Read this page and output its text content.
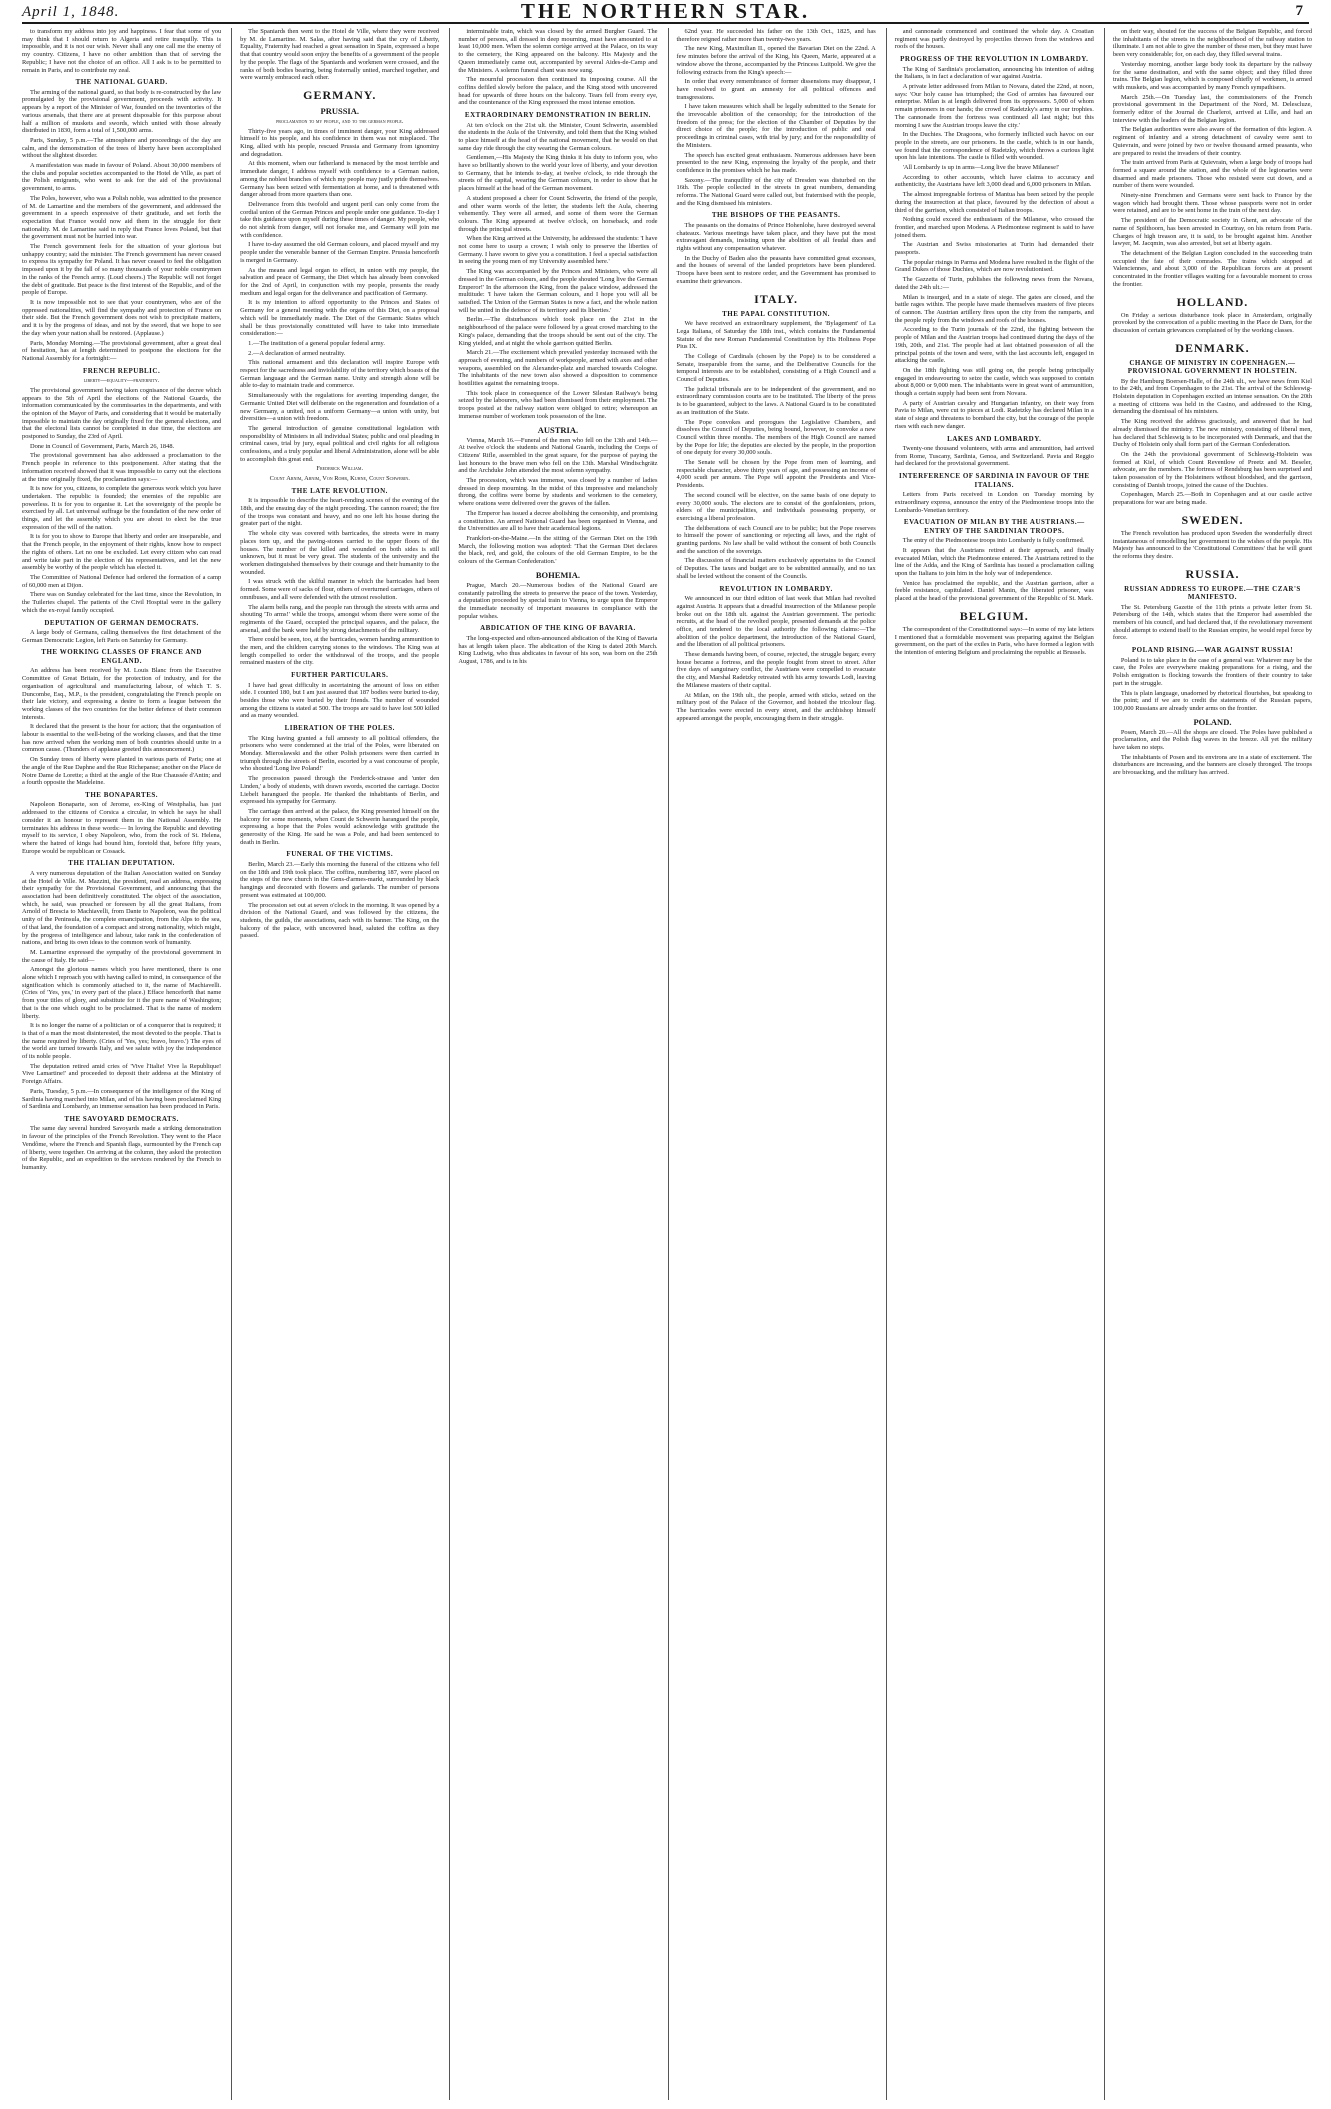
April 1, 1848.	THE NORTHERN STAR.	7

to transform my address into joy and happiness. I fear that some of you may think that I should return to Algeria and retire tranquilly. This is impossible, and it is not our wish. Never shall any one call me the enemy of my country. Citizens, I have no other ambition than that of serving the Republic; I have not the choice of an office. All I ask is to be permitted to remain in Paris, and to contribute my zeal.

THE NATIONAL GUARD.

The arming of the national guard, so that body is re-constructed by the law promulgated by the provisional government, proceeds with activity. It appears by a report of the Minister of War, founded on the inventories of the various arsenals, that there are at present disposable for this purpose about half a million of muskets and swords, which united with those already distributed in 1830, form a total of 1,500,000 arms.

Paris, Sunday, 5 p.m.—The atmosphere and proceedings of the day are calm, and the demonstration of the trees of liberty have been accomplished without the slightest disorder.

A manifestation was made in favour of Poland. About 30,000 members of the clubs and popular societies accompanied to the Hotel de Ville, as part of the Polish emigrants, who went to ask for the aid of the provisional government, to arms.

The Poles, however, who was a Polish noble, was admitted to the presence of M. de Lamartine and the members of the government, and addressed the government in a speech expressive of their gratitude, and set forth the expectation that France would now aid them in the struggle for their nationality. M. de Lamartine said in reply that France loves Poland, but that the government must not be hurried into war.

The French government feels for the situation of your glorious but unhappy country; said the minister. The French government has never ceased to express its sympathy for Poland. It has never ceased to feel the obligation imposed upon it by the fall of so many thousands of your noble countrymen in the ranks of the French army. (Loud cheers.) The Republic will not forget the debt of gratitude. But peace is the first interest of the Republic, and of the people of Europe.

It is now impossible not to see that your countrymen, who are of the oppressed nationalities, will find the sympathy and protection of France on their side. But the French government does not wish to precipitate matters, and it is by the progress of ideas, and not by the sword, that we hope to see the day when your nation shall be restored. (Applause.)

Paris, Monday Morning.—The provisional government, after a great deal of hesitation, has at length determined to postpone the elections for the National Assembly for a fortnight:—

FRENCH REPUBLIC.

liberty—equality—fraternity.

The provisional government having taken cognisance of the decree which appears to the 5th of April the elections of the National Guards, the information communicated by the commissaries in the departments, and with the opinion of the Mayor of Paris, and considering that it would be materially impossible to maintain the day originally fixed for the general elections, and that the electoral lists cannot be completed in due time, the elections are postponed to Sunday, the 23rd of April.

Done in Council of Government, Paris, March 26, 1848.

The provisional government has also addressed a proclamation to the French people in reference to this postponement. After stating that the information received showed that it was impossible to carry out the elections at the time originally fixed, the proclamation says:—

It is now for you, citizens, to complete the generous work which you have undertaken. The republic is founded; the enemies of the republic are powerless. It is for you to organise it. Let the sovereignty of the people be exercised by all. Let universal suffrage be the foundation of the new order of things, and let the assembly which you are about to elect be the true expression of the will of the nation.

It is for you to show to Europe that liberty and order are inseparable, and that the French people, in the enjoyment of their rights, know how to respect the rights of others. Let no one be excluded. Let every citizen who can read and write take part in the election of his representatives, and let the new assembly be worthy of the people which has elected it.

The Committee of National Defence had ordered the formation of a camp of 60,000 men at Dijon.

There was on Sunday celebrated for the last time, since the Revolution, in the Tuileries chapel. The patients of the Civil Hospital were in the gallery which the ex-royal family occupied.

DEPUTATION OF GERMAN DEMOCRATS.

A large body of Germans, calling themselves the first detachment of the German Democratic Legion, left Paris on Saturday for Germany.

THE WORKING CLASSES OF FRANCE AND ENGLAND.

An address has been received by M. Louis Blanc from the Executive Committee of Great Britain, for the protection of industry, and for the organisation of agricultural and manufacturing labour, of which T. S. Duncombe, Esq., M.P., is the president, congratulating the French people on their late victory, and expressing a desire to form a league between the working classes of the two countries for the better defence of their common interests.

It declared that the present is the hour for action; that the organisation of labour is essential to the well-being of the working classes, and that the time has now arrived when the working men of both countries should unite in a common cause. (Thunders of applause greeted this announcement.)

On Sunday trees of liberty were planted in various parts of Paris; one at the angle of the Rue Daphne and the Rue Richepanse; another on the Place de Notre Dame de Lorette; a third at the angle of the Rue Chaussée d'Antin; and a fourth opposite the Madeleine.

THE BONAPARTES.

Napoleon Bonaparte, son of Jerome, ex-King of Westphalia, has just addressed to the citizens of Corsica a circular, in which he says he shall consider it an honour to represent them in the National Assembly. He terminates his address in these words:— In loving the Republic and devoting myself to its service, I obey Napoleon, who, from the rock of St. Helena, where the hatred of kings had bound him, foretold that, before fifty years, Europe would be republican or Cossack.

THE ITALIAN DEPUTATION.

A very numerous deputation of the Italian Association waited on Sunday at the Hotel de Ville. M. Mazzini, the president, read an address, expressing their sympathy for the Provisional Government, and announcing that the association had been definitively constituted. The object of the association, which, he said, was preached or foreseen by all the great Italians, from Arnold of Brescia to Machiavelli, from Dante to Napoleon, was the political unity of the Peninsula, the complete emancipation, from the Alps to the sea, of that land, the foundation of a compact and strong nationality, which might, by the progress of intelligence and labour, take rank in the confederation of nations, and bring its own ideas to the common work of humanity.

M. Lamartine expressed the sympathy of the provisional government in the cause of Italy. He said—

Amongst the glorious names which you have mentioned, there is one alone which I reproach you with having called to mind, in consequence of the signification which is commonly attached to it, the name of Machiavelli. (Cries of 'Yes, yes,' in every part of the place.) Efface henceforth that name from your titles of glory, and substitute for it the pure name of Washington; that is the one which ought to be proclaimed. That is the name of modern liberty.

It is no longer the name of a politician or of a conqueror that is required; it is that of a man the most disinterested, the most devoted to the people. That is the name required by liberty. (Cries of 'Yes, yes; bravo, bravo.') The eyes of the world are turned towards Italy, and we salute with joy the independence of its noble people.

The deputation retired amid cries of 'Vive l'Italie! Vive la Republique! Vive Lamartine!' and proceeded to deposit their address at the Ministry of Foreign Affairs.

Paris, Tuesday, 5 p.m.—In consequence of the intelligence of the King of Sardinia having marched into Milan, and of his having been proclaimed King of Sardinia and Lombardy, an immense sensation has been produced in Paris.

THE SAVOYARD DEMOCRATS.

The same day several hundred Savoyards made a striking demonstration in favour of the principles of the French Revolution. They went to the Place Vendôme, where the French and Spanish flags, surmounted by the French cap of liberty, were together. On arriving at the column, they asked the protection of the Republic, and an expedition to the services rendered by the French to humanity.

The Spaniards then went to the Hotel de Ville, where they were received by M. de Lamartine. M. Salas, after having said that the cry of Liberty, Equality, Fraternity had reached a great sensation in Spain, expressed a hope that that country would soon enjoy the benefits of a government of the people by the people. The flags of the Spaniards and workmen were crossed, and the ranks of both bodies bearing, being fraternally united, marched together, and were warmly embraced each other.

GERMANY.
PRUSSIA.

proclamation to my people, and to the german people.

Thirty-five years ago, in times of imminent danger, your King addressed himself to his people, and his confidence in them was not misplaced. The King, allied with his people, rescued Prussia and Germany from ignominy and degradation.

At this moment, when our fatherland is menaced by the most terrible and immediate danger, I address myself with confidence to a German nation, among the noblest branches of which my people may justly pride themselves. Germany has been seized with fermentation at home, and is threatened with danger abroad from more quarters than one.

Deliverance from this twofold and urgent peril can only come from the cordial union of the German Princes and people under one guidance. To-day I take this guidance upon myself during these times of danger. My people, who do not shrink from danger, will not forsake me, and Germany will join me with confidence.

I have to-day assumed the old German colours, and placed myself and my people under the venerable banner of the German Empire. Prussia henceforth is merged in Germany.

As the means and legal organ to effect, in union with my people, the salvation and peace of Germany, the Diet which has already been convoked for the 2nd of April, in conjunction with my people, presents the ready medium and legal organ for the deliverance and pacification of Germany.

It is my intention to afford opportunity to the Princes and States of Germany for a general meeting with the organs of this Diet, on a proposal which will be immediately made. The Diet of the Germanic States which shall be thus provisionally constituted will have to take into immediate consideration:—

1.—The institution of a general popular federal army.

2.—A declaration of armed neutrality.

This national armament and this declaration will inspire Europe with respect for the sacredness and inviolability of the territory which boasts of the German language and the German name. Unity and strength alone will be able to-day to maintain trade and commerce.

Simultaneously with the regulations for averting impending danger, the Germanic United Diet will deliberate on the regeneration and foundation of a new Germany, a united, not a uniform Germany—a union with unity, but diversities—a union with freedom.

The general introduction of genuine constitutional legislation with responsibility of Ministers in all individual States; public and oral pleading in criminal cases, trial by jury, equal political and civil rights for all religious confessions, and a truly popular and liberal Administration, alone will be able to accomplish this great end.

Frederick William.

Count Arnim, Arnim, Von Rohr, Kuhne, Count Schwerin.

THE LATE REVOLUTION.

It is impossible to describe the heart-rending scenes of the evening of the 18th, and the ensuing day of the night preceding. The cannon roared; the fire of the troops was constant and heavy, and no one left his house during the greater part of the night.

The whole city was covered with barricades, the streets were in many places torn up, and the paving-stones carried to the upper floors of the houses. The number of the killed and wounded on both sides is still unknown, but it must be very great. The students of the university and the workmen distinguished themselves by their courage and their humanity to the wounded.

I was struck with the skilful manner in which the barricades had been formed. Some were of sacks of flour, others of overturned carriages, others of omnibuses, and all were defended with the utmost resolution.

The alarm bells rang, and the people ran through the streets with arms and shouting 'To arms!' while the troops, amongst whom there were some of the regiments of the Guard, occupied the principal squares, and the palace, the arsenal, and the bank were held by strong detachments of the military.

There could be seen, too, at the barricades, women handing ammunition to the men, and the children carrying stones to the windows. The King was at length compelled to order the withdrawal of the troops, and the people remained masters of the city.

FURTHER PARTICULARS.

I have had great difficulty in ascertaining the amount of loss on either side. I counted 180, but I am just assured that 187 bodies were buried to-day, besides those who were buried by their friends. The number of wounded among the citizens is stated at 500. The troops are said to have lost 500 killed and as many wounded.

LIBERATION OF THE POLES.

The King having granted a full amnesty to all political offenders, the prisoners who were condemned at the trial of the Poles, were liberated on Monday. Mieroslawski and the other Polish prisoners were then carried in triumph through the streets of Berlin, escorted by a vast concourse of people, who shouted 'Long live Poland!'

The procession passed through the Frederick-strasse and 'unter den Linden,' a body of students, with drawn swords, escorted the carriage. Doctor Liebelt harangued the people. He thanked the inhabitants of Berlin, and expressed his sympathy for Germany.

The carriage then arrived at the palace, the King presented himself on the balcony for some moments, when Count de Schwerin harangued the people, expressing a hope that the Poles would acknowledge with gratitude the generosity of the King. He said he was a Pole, and had been sentenced to death in Berlin.

FUNERAL OF THE VICTIMS.

Berlin, March 23.—Early this morning the funeral of the citizens who fell on the 18th and 19th took place. The coffins, numbering 187, were placed on the steps of the new church in the Gens-d'armes-markt, surrounded by black hangings and decorated with flowers and garlands. The number of persons present was estimated at 100,000.

The procession set out at seven o'clock in the morning. It was opened by a division of the National Guard, and was followed by the citizens, the students, the guilds, the associations, each with its banner. The King, on the balcony of the palace, with uncovered head, saluted the coffins as they passed.

interminable train, which was closed by the armed Burgher Guard. The number of persons, all dressed in deep mourning, must have amounted to at least 10,000 men. When the solemn cortège arrived at the Palace, on its way to the cemetery, the King appeared on the balcony. His Majesty and the Queen immediately came out, accompanied by several Aides-de-Camp and the Ministers. A solemn funeral chant was now sung.

The mournful procession then continued its imposing course. All the coffins defiled slowly before the palace, and the King stood with uncovered head for upwards of three hours on the balcony. Tears fell from every eye, and the countenance of the King expressed the most intense emotion.

EXTRAORDINARY DEMONSTRATION IN BERLIN.

At ten o'clock on the 21st ult. the Minister, Count Schwerin, assembled the students in the Aula of the University, and told them that the King wished to place himself at the head of the national movement, that he would on that same day ride through the city wearing the German colours.

Gentlemen,—His Majesty the King thinks it his duty to inform you, who have so brilliantly shown to the world your love of liberty, and your devotion to Germany, that he intends to-day, at twelve o'clock, to ride through the streets of the capital, wearing the German colours, in order to show that he places himself at the head of the German movement.

A student proposed a cheer for Count Schwerin, the friend of the people, and other warm words of the letter, the students left the Aula, cheering vehemently. They were all armed, and some of them wore the German colours. The King appeared at twelve o'clock, on horseback, and rode through the principal streets.

When the King arrived at the University, he addressed the students: 'I have not come here to usurp a crown; I wish only to preserve the liberties of Germany. I have sworn to give you a constitution. I feel a special satisfaction in seeing the young men of my University assembled here.'

The King was accompanied by the Princes and Ministers, who were all dressed in the German colours, and the people shouted 'Long live the German Emperor!' In the afternoon the King, from the palace window, addressed the multitude: 'I have taken the German colours, and I hope you will all be satisfied. The Union of the German States is now a fact, and the whole nation will be united in the defence of its territory and its liberties.'

Berlin.—The disturbances which took place on the 21st in the neighbourhood of the palace were followed by a great crowd marching to the King's palace, demanding that the troops should be sent out of the city. The King yielded, and at night the whole garrison quitted Berlin.

March 21.—The excitement which prevailed yesterday increased with the approach of evening, and numbers of workpeople, armed with axes and other weapons, assembled on the Alexander-platz and marched towards Cologne. The inhabitants of the new town also showed a disposition to commence hostilities against the remaining troops.

This took place in consequence of the Lower Silesian Railway's being seized by the labourers, who had been dismissed from their employment. The troops posted at the railway station were obliged to retire; whereupon an immense number of workmen took possession of the line.

AUSTRIA.

Vienna, March 16.—Funeral of the men who fell on the 13th and 14th.—At twelve o'clock the students and National Guards, including the Corps of Citizens' Rifle, assembled in the great square, for the purpose of paying the last honours to the brave men who fell on the 13th. Marshal Windischgrätz and the Archduke John attended the most solemn sympathy.

The procession, which was immense, was closed by a number of ladies dressed in deep mourning. In the midst of this impressive and melancholy throng, the coffins were borne by students and workmen to the cemetery, where orations were delivered over the graves of the fallen.

The Emperor has issued a decree abolishing the censorship, and promising a constitution. An armed National Guard has been organised in Vienna, and the Universities are all to have their academical legions.

Frankfort-on-the-Maine.—In the sitting of the German Diet on the 19th March, the following motion was adopted: 'That the German Diet declares the black, red, and gold, the colours of the old German Empire, to be the colours of the German Confederation.'

BOHEMIA.

Prague, March 20.—Numerous bodies of the National Guard are constantly patrolling the streets to preserve the peace of the town. Yesterday, a deputation proceeded by special train to Vienna, to urge upon the Emperor the immediate necessity of important measures in compliance with the popular wishes.

ABDICATION OF THE KING OF BAVARIA.

The long-expected and often-announced abdication of the King of Bavaria has at length taken place. The abdication of the King is dated 20th March. King Ludwig, who thus abdicates in favour of his son, was born on the 25th August, 1786, and is in his

62nd year. He succeeded his father on the 13th Oct., 1825, and has therefore reigned rather more than twenty-two years.

The new King, Maximilian II., opened the Bavarian Diet on the 22nd. A few minutes before the arrival of the King, his Queen, Marie, appeared at a window above the throne, accompanied by the Princess Luitpold. We give the following extracts from the King's speech:—

In order that every remembrance of former dissensions may disappear, I have resolved to grant an amnesty for all political offences and transgressions.

I have taken measures which shall be legally submitted to the Senate for the irrevocable abolition of the censorship; for the introduction of the freedom of the press; for the election of the Chamber of Deputies by the direct choice of the people; for the introduction of public and oral proceedings in criminal cases, with trial by jury; and for the responsibility of the Ministers.

The speech has excited great enthusiasm. Numerous addresses have been presented to the new King, expressing the loyalty of the people, and their confidence in the promises which he has made.

Saxony.—The tranquillity of the city of Dresden was disturbed on the 16th. The people collected in the streets in great numbers, demanding reforms. The National Guard were called out, but fraternised with the people, and the King dismissed his ministers.

THE BISHOPS OF THE PEASANTS.

The peasants on the domains of Prince Hohenlohe, have destroyed several chateaux. Various meetings have taken place, and they have put the most extravagant demands, insisting upon the abolition of all feudal dues and rights without any compensation whatever.

In the Duchy of Baden also the peasants have committed great excesses, and the houses of several of the landed proprietors have been plundered. Troops have been sent to restore order, and the Government has promised to examine their grievances.

ITALY.
THE PAPAL CONSTITUTION.

We have received an extraordinary supplement, the 'Bylagement' of La Lega Italiana, of Saturday the 18th inst., which contains the Fundamental Statute of the new Roman Fundamental Constitution by His Holiness Pope Pius IX.

The College of Cardinals (chosen by the Pope) is to be considered a Senate, inseparable from the same, and the Deliberative Councils for the temporal interests are to be established, consisting of a High Council and a Council of Deputies.

The judicial tribunals are to be independent of the government, and no extraordinary commission courts are to be instituted. The liberty of the press is to be guaranteed, subject to the laws. A National Guard is to be constituted as an institution of the State.

The Pope convokes and prorogues the Legislative Chambers, and dissolves the Council of Deputies, being bound, however, to convoke a new Council within three months. The members of the High Council are named by the Pope for life; the deputies are elected by the people, in the proportion of one deputy for every 30,000 souls.

The Senate will be chosen by the Pope from men of learning, and respectable character, above thirty years of age, and possessing an income of 4,000 scudi per annum. The Pope will appoint the Presidents and Vice-Presidents.

The second council will be elective, on the same basis of one deputy to every 30,000 souls. The electors are to consist of the gonfaloniers, priors, elders of the municipalities, and individuals possessing property, or exercising a liberal profession.

The deliberations of each Council are to be public; but the Pope reserves to himself the power of sanctioning or rejecting all laws, and the right of granting pardons. No law shall be valid without the consent of both Councils and the sanction of the sovereign.

The discussion of financial matters exclusively appertains to the Council of Deputies. The taxes and budget are to be submitted annually, and no tax shall be levied without the consent of the Councils.

REVOLUTION IN LOMBARDY.

We announced in our third edition of last week that Milan had revolted against Austria. It appears that a dreadful insurrection of the Milanese people broke out on the 18th ult. against the Austrian government. The periodic recruits, at the head of the revolted people, presented demands at the police office, and tendered to the local authority the following claims:—The abolition of the police department, the introduction of the National Guard, and the liberation of all political prisoners.

These demands having been, of course, rejected, the struggle began; every house became a fortress, and the people fought from street to street. After five days of sanguinary conflict, the Austrians were compelled to evacuate the city, and Marshal Radetzky retreated with his army towards Lodi, leaving the Milanese masters of their capital.

At Milan, on the 19th ult., the people, armed with sticks, seized on the military post of the Palace of the Governor, and hoisted the tricolour flag. The barricades were erected in every street, and the archbishop himself appeared amongst the people, encouraging them in their struggle.

and cannonade commenced and continued the whole day. A Croatian regiment was partly destroyed by projectiles thrown from the windows and roofs of the houses.

PROGRESS OF THE REVOLUTION IN LOMBARDY.

The King of Sardinia's proclamation, announcing his intention of aiding the Italians, is in fact a declaration of war against Austria.

A private letter addressed from Milan to Novara, dated the 22nd, at noon, says: 'Our holy cause has triumphed; the God of armies has favoured our enterprise. Milan is at length delivered from its oppressors. 5,000 of whom remain prisoners in our hands; the crowd of Radetzky's army in our trophies. The cannonade from the fortress was continued all last night; but this morning I saw the Austrian troops leave the city.'

In the Duchies. The Dragoons, who formerly inflicted such havoc on our people in the streets, are our prisoners. In the castle, which is in our hands, we found that the correspondence of Radetzky, which throws a curious light upon his late intentions. The castle is filled with wounded.

'All Lombardy is up in arms—Long live the brave Milanese!'

According to other accounts, which have claims to accuracy and authenticity, the Austrians have left 3,000 dead and 6,000 prisoners in Milan.

The almost impregnable fortress of Mantua has been seized by the people during the insurrection at that place, favoured by the defection of about a third of the garrison, which consisted of Italian troops.

Nothing could exceed the enthusiasm of the Milanese, who crossed the frontier, and marched upon Modena. A Piedmontese regiment is said to have joined them.

The Austrian and Swiss missionaries at Turin had demanded their passports.

The popular risings in Parma and Modena have resulted in the flight of the Grand Dukes of those Duchies, which are now revolutionised.

The Gazzetta of Turin, publishes the following news from the Novara, dated the 24th ult.:—

Milan is insurged, and in a state of siege. The gates are closed, and the battle rages within. The people have made themselves masters of five pieces of cannon. The Austrian artillery fires upon the city from the ramparts, and the people reply from the windows and roofs of the houses.

According to the Turin journals of the 22nd, the fighting between the people of Milan and the Austrian troops had continued during the days of the 19th, 20th, and 21st. The people had at last obtained possession of all the principal points of the town and were, with the last accounts left, engaged in attacking the castle.

On the 18th fighting was still going on, the people being principally engaged in endeavouring to seize the castle, which was supposed to contain about 8,000 or 9,000 men. The inhabitants were in great want of ammunition, though a certain supply had been sent from Novara.

A party of Austrian cavalry and Hungarian infantry, on their way from Pavia to Milan, were cut to pieces at Lodi. Radetzky has declared Milan in a state of siege and threatens to bombard the city, but the courage of the people rises with each new danger.

LAKES AND LOMBARDY.

Twenty-one thousand volunteers, with arms and ammunition, had arrived from Rome, Tuscany, Sardinia, Genoa, and Switzerland. Pavia and Reggio had declared for the provisional government.

INTERFERENCE OF SARDINIA IN FAVOUR OF THE ITALIANS.

Letters from Paris received in London on Tuesday morning by extraordinary express, announce the entry of the Piedmontese troops into the Lombardo-Venetian territory.

EVACUATION OF MILAN BY THE AUSTRIANS.—ENTRY OF THE SARDINIAN TROOPS.

The entry of the Piedmontese troops into Lombardy is fully confirmed.

It appears that the Austrians retired at their approach, and finally evacuated Milan, which the Piedmontese entered. The Austrians retired to the line of the Adda, and the King of Sardinia has issued a proclamation calling upon the Italians to join him in the holy war of independence.

Venice has proclaimed the republic, and the Austrian garrison, after a feeble resistance, capitulated. Daniel Manin, the liberated prisoner, was placed at the head of the provisional government of the Republic of St. Mark.

BELGIUM.

The correspondent of the Constitutionnel says:—In some of my late letters I mentioned that a formidable movement was preparing against the Belgian government, on the part of the exiles in Paris, who have formed a legion with the intention of entering Belgium and proclaiming the republic at Brussels.

on their way, shouted for the success of the Belgian Republic, and forced the inhabitants of the streets in the neighbourhood of the railway station to illuminate. I am not able to give the number of these men, but they must have been very considerable; for, on each day, they filled several trains.

Yesterday morning, another large body took its departure by the railway for the same destination, and with the same object; and they filled three trains. The Belgian legion, which is composed chiefly of workmen, is armed with muskets, and was accompanied by many French sympathisers.

March 25th.—On Tuesday last, the commissioners of the French provisional government in the Department of the Nord, M. Delescluze, formerly editor of the Journal de Charleroi, arrived at Lille, and had an interview with the leaders of the Belgian legion.

The Belgian authorities were also aware of the formation of this legion. A regiment of infantry and a strong detachment of cavalry were sent to Quievrain, and were joined by two or twelve thousand armed peasants, who are prepared to resist the invaders of their country.

The train arrived from Paris at Quievrain, when a large body of troops had formed a square around the station, and the whole of the legionaries were disarmed and made prisoners. Those who resisted were cut down, and a number of them were wounded.

Ninety-nine Frenchmen and Germans were sent back to France by the wagon which had brought them. Those whose passports were not in order were retained, and are to be sent home in the train of the next day.

The president of the Democratic society in Ghent, an advocate of the name of Spilthoorn, has been arrested in Courtray, on his return from Paris. Charges of high treason are, it is said, to be brought against him. Another lawyer, M. Jacqmin, was also arrested, but set at liberty again.

The detachment of the Belgian Legion concluded in the succeeding train occupied the fate of their comrades. The trains which stopped at Valenciennes, and about 3,000 of the Republican forces are at present concentrated in the frontier villages waiting for a favourable moment to cross the frontier.

HOLLAND.

On Friday a serious disturbance took place in Amsterdam, originally provoked by the convocation of a public meeting in the Place de Dam, for the discussion of certain grievances complained of by the working classes.

DENMARK.
CHANGE OF MINISTRY IN COPENHAGEN.—PROVISIONAL GOVERNMENT IN HOLSTEIN.

By the Hamburg Boersen-Halle, of the 24th ult., we have news from Kiel to the 24th, and from Copenhagen to the 21st. The arrival of the Schleswig-Holstein deputation in Copenhagen excited an intense sensation. On the 20th a meeting of citizens was held in the Casino, and addressed to the King, demanding the dismissal of his ministers.

The King received the address graciously, and answered that he had already dismissed the ministry. The new ministry, consisting of liberal men, has declared that Schleswig is to be incorporated with Denmark, and that the Duchy of Holstein only shall form part of the German Confederation.

On the 24th the provisional government of Schleswig-Holstein was formed at Kiel, of which Count Reventlow of Preetz and M. Beseler, advocate, are the members. The fortress of Rendsburg has been surprised and taken possession of by the Holsteiners without bloodshed, and the garrison, consisting of Danish troops, joined the cause of the Duchies.

Copenhagen, March 25.—Both in Copenhagen and at our castle active preparations for war are being made.

SWEDEN.

The French revolution has produced upon Sweden the wonderfully direct instantaneous of remodelling her government to the wishes of the people. His Majesty has announced to the 'Constitutional Committees' that he will grant the reforms they desire.

RUSSIA.
RUSSIAN ADDRESS TO EUROPE.—THE CZAR'S MANIFESTO.

The St. Petersburg Gazette of the 11th prints a private letter from St. Petersburg of the 14th, which states that the Emperor had assembled the members of his council, and had declared that, if the revolutionary movement should attempt to extend itself to the Russian empire, he would repel force by force.

POLAND RISING.—WAR AGAINST RUSSIA!

Poland is to take place in the case of a general war. Whatever may be the case, the Poles are everywhere making preparations for a rising, and the Polish emigration is flocking towards the frontiers of their country to take part in the struggle.

This is plain language, unadorned by rhetorical flourishes, but speaking to the point; and if we are to credit the statements of the Russian papers, 100,000 Russians are already under arms on the frontier.

POLAND.

Posen, March 20.—All the shops are closed. The Poles have published a proclamation, and the Polish flag waves in the breeze. All yet the military have taken no steps.

The inhabitants of Posen and its environs are in a state of excitement. The disturbances are increasing, and the banners are closely thronged. The troops are bivouacking, and the military has arrived.
